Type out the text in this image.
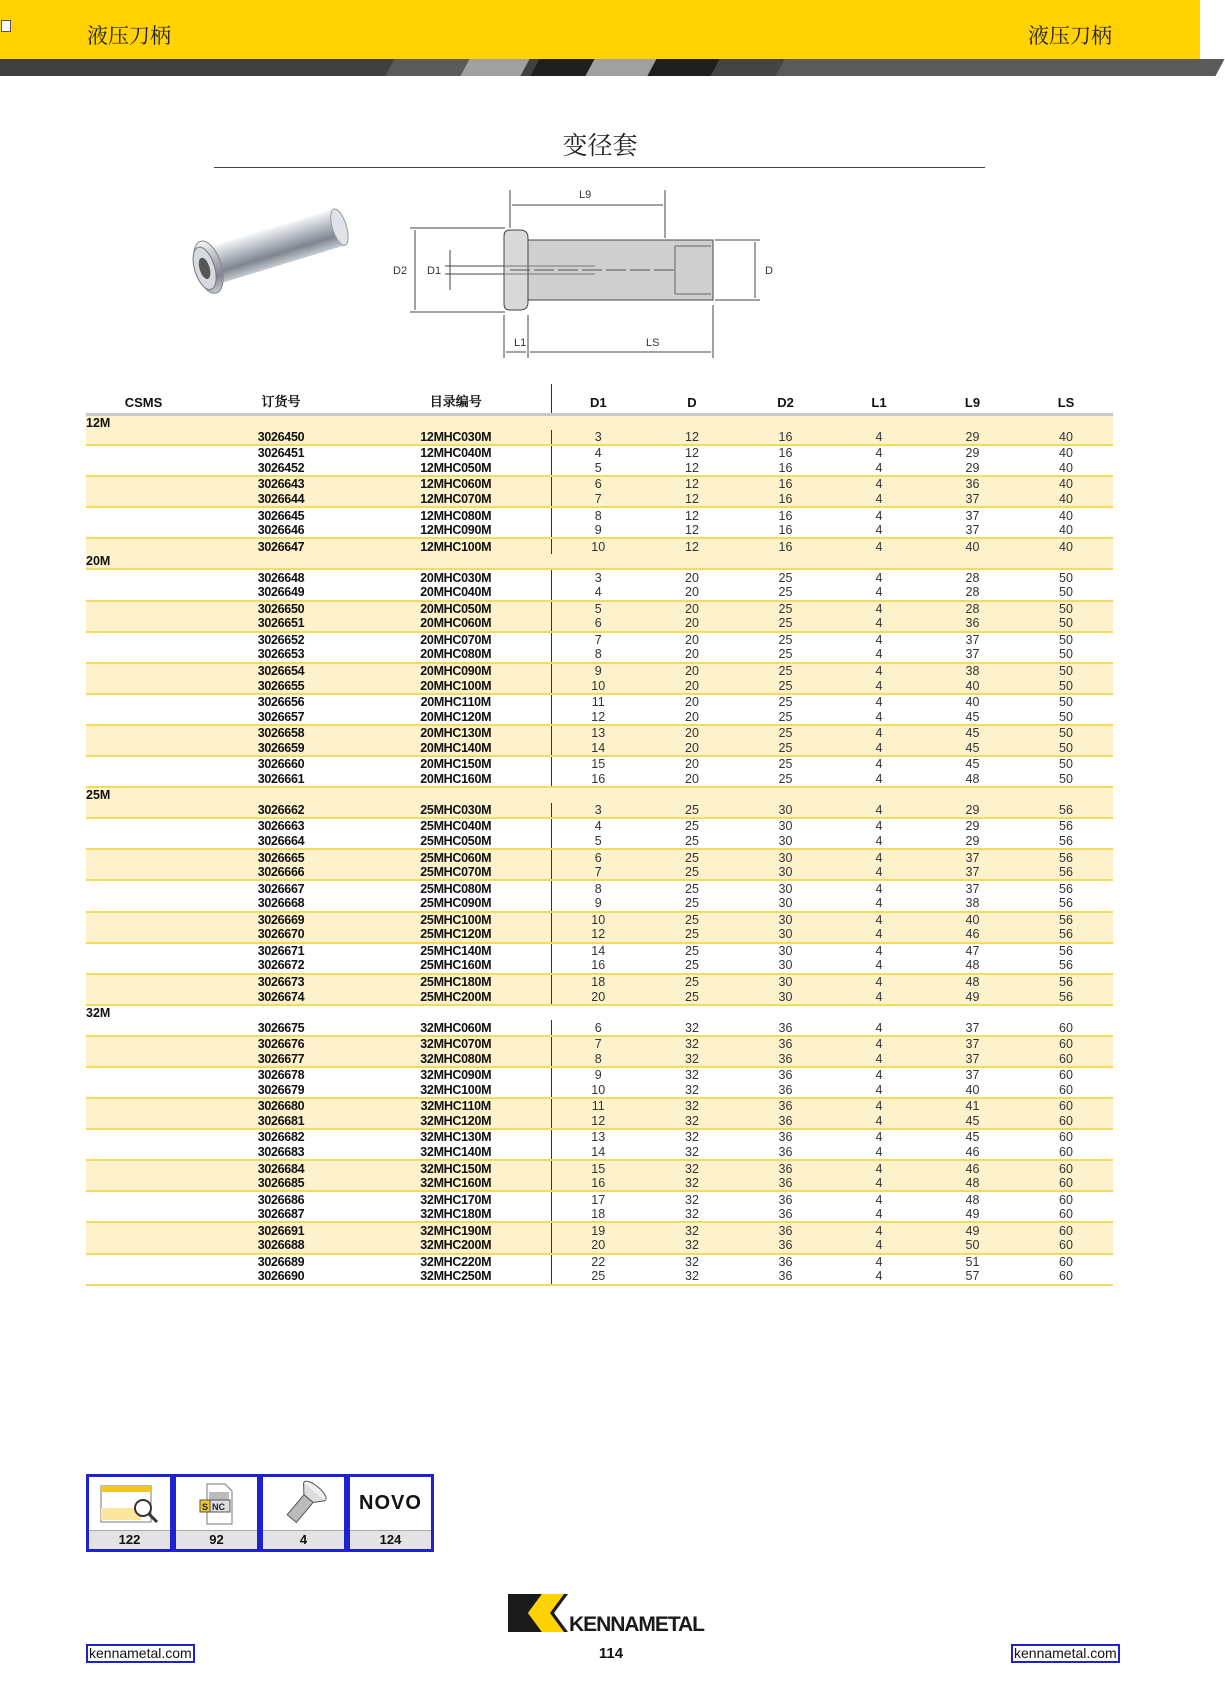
液压刀柄	液压刀柄
变径套
L9
D2 D1	D
L1	LS
CSMS	订货号	目录编号	D1	D	D2	L1	L9	LS
12M								
	3026450	12MHC030M	3	12	16	4	29	40
	3026451	12MHC040M	4	12	16	4	29	40
	3026452	12MHC050M	5	12	16	4	29	40
	3026643	12MHC060M	6	12	16	4	36	40
	3026644	12MHC070M	7	12	16	4	37	40
	3026645	12MHC080M	8	12	16	4	37	40
	3026646	12MHC090M	9	12	16	4	37	40
	3026647	12MHC100M	10	12	16	4	40	40
20M								
	3026648	20MHC030M	3	20	25	4	28	50
	3026649	20MHC040M	4	20	25	4	28	50
	3026650	20MHC050M	5	20	25	4	28	50
	3026651	20MHC060M	6	20	25	4	36	50
	3026652	20MHC070M	7	20	25	4	37	50
	3026653	20MHC080M	8	20	25	4	37	50
	3026654	20MHC090M	9	20	25	4	38	50
	3026655	20MHC100M	10	20	25	4	40	50
	3026656	20MHC110M	11	20	25	4	40	50
	3026657	20MHC120M	12	20	25	4	45	50
	3026658	20MHC130M	13	20	25	4	45	50
	3026659	20MHC140M	14	20	25	4	45	50
	3026660	20MHC150M	15	20	25	4	45	50
	3026661	20MHC160M	16	20	25	4	48	50
25M								
	3026662	25MHC030M	3	25	30	4	29	56
	3026663	25MHC040M	4	25	30	4	29	56
	3026664	25MHC050M	5	25	30	4	29	56
	3026665	25MHC060M	6	25	30	4	37	56
	3026666	25MHC070M	7	25	30	4	37	56
	3026667	25MHC080M	8	25	30	4	37	56
	3026668	25MHC090M	9	25	30	4	38	56
	3026669	25MHC100M	10	25	30	4	40	56
	3026670	25MHC120M	12	25	30	4	46	56
	3026671	25MHC140M	14	25	30	4	47	56
	3026672	25MHC160M	16	25	30	4	48	56
	3026673	25MHC180M	18	25	30	4	48	56
	3026674	25MHC200M	20	25	30	4	49	56
32M								
	3026675	32MHC060M	6	32	36	4	37	60
	3026676	32MHC070M	7	32	36	4	37	60
	3026677	32MHC080M	8	32	36	4	37	60
	3026678	32MHC090M	9	32	36	4	37	60
	3026679	32MHC100M	10	32	36	4	40	60
	3026680	32MHC110M	11	32	36	4	41	60
	3026681	32MHC120M	12	32	36	4	45	60
	3026682	32MHC130M	13	32	36	4	45	60
	3026683	32MHC140M	14	32	36	4	46	60
	3026684	32MHC150M	15	32	36	4	46	60
	3026685	32MHC160M	16	32	36	4	48	60
	3026686	32MHC170M	17	32	36	4	48	60
	3026687	32MHC180M	18	32	36	4	49	60
	3026691	32MHC190M	19	32	36	4	49	60
	3026688	32MHC200M	20	32	36	4	50	60
	3026689	32MHC220M	22	32	36	4	51	60
	3026690	32MHC250M	25	32	36	4	57	60
122
S NC
92	4
NOVO
124
KENNAMETAL
114
kennametal.com	kennametal.com
